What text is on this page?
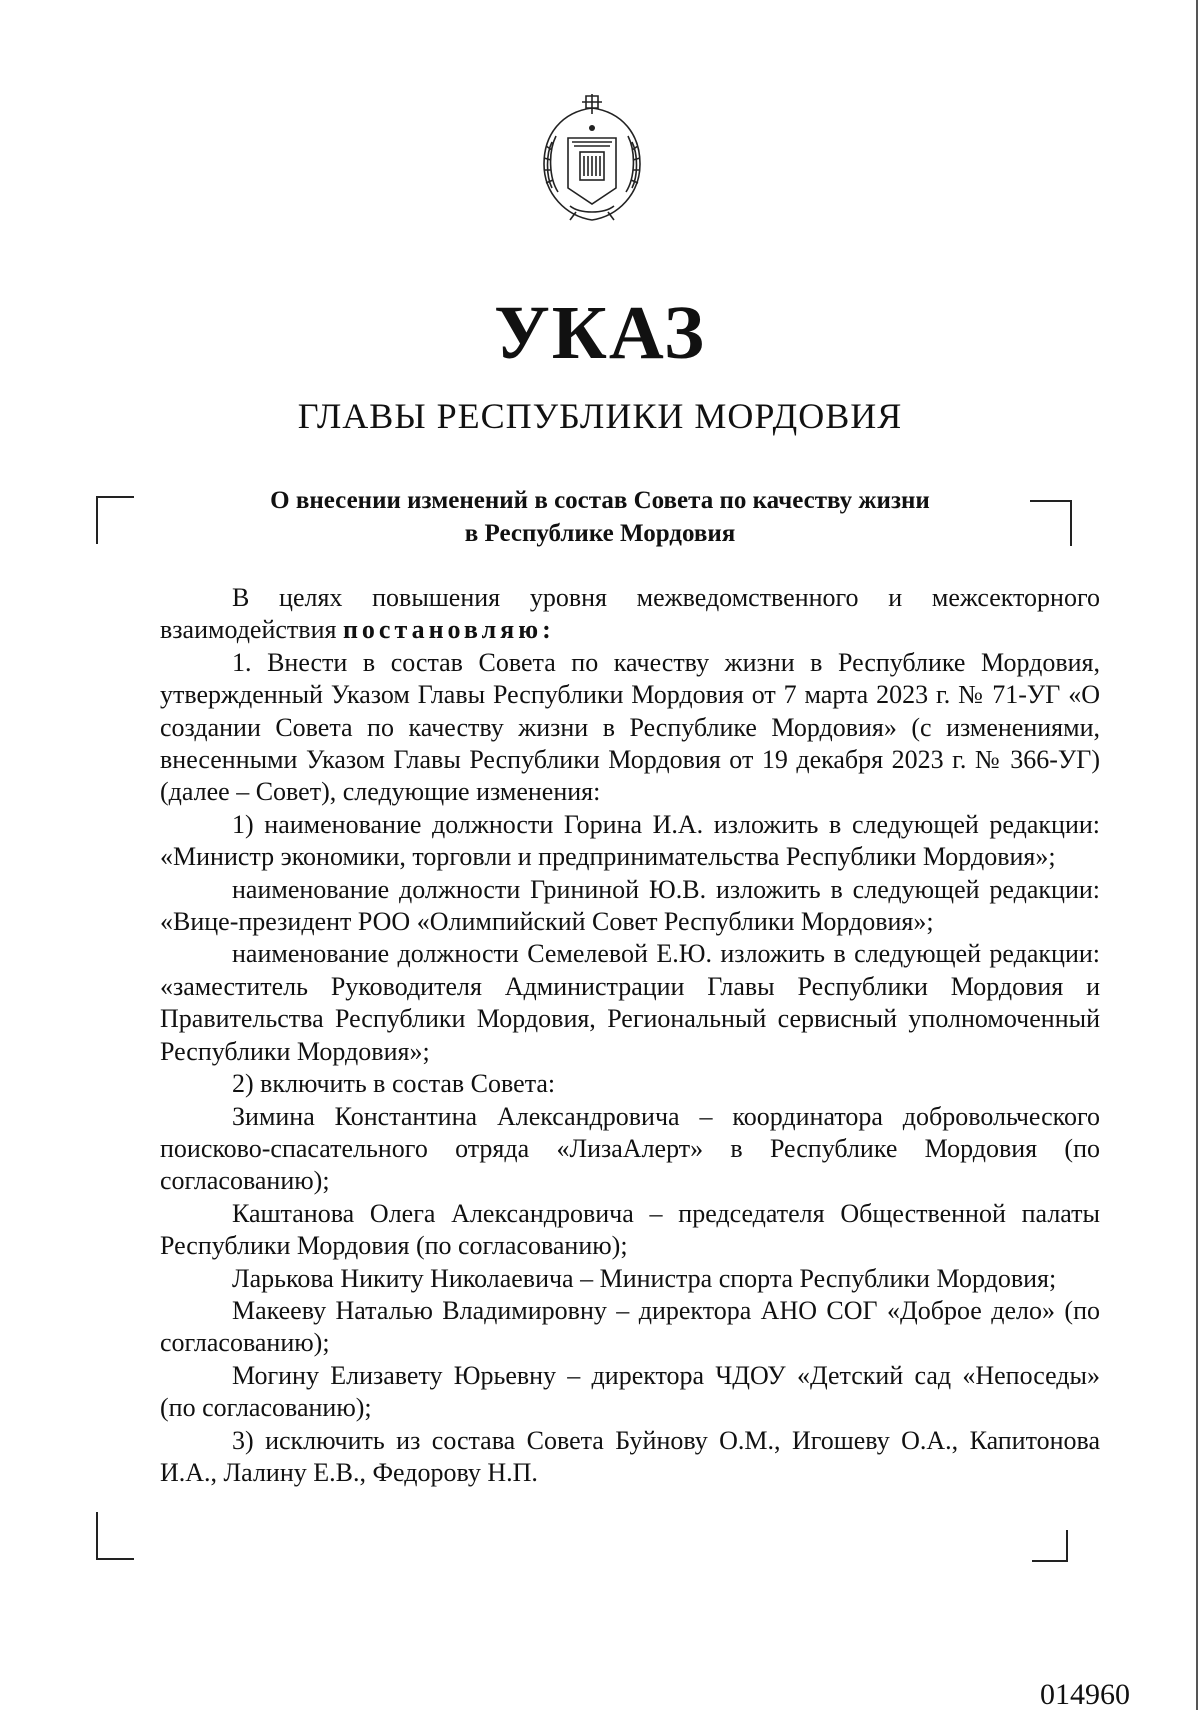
УКАЗ
ГЛАВЫ РЕСПУБЛИКИ МОРДОВИЯ
О внесении изменений в состав Совета по качеству жизни
в Республике Мордовия

В целях повышения уровня межведомственного и межсекторного взаимодействия постановляю:

1. Внести в состав Совета по качеству жизни в Республике Мордовия, утвержденный Указом Главы Республики Мордовия от 7 марта 2023 г. № 71-УГ «О создании Совета по качеству жизни в Республике Мордовия» (с изменениями, внесенными Указом Главы Республики Мордовия от 19 декабря 2023 г. № 366-УГ) (далее – Совет), следующие изменения:

1) наименование должности Горина И.А. изложить в следующей редакции: «Министр экономики, торговли и предпринимательства Республики Мордовия»;

наименование должности Грининой Ю.В. изложить в следующей редакции: «Вице-президент РОО «Олимпийский Совет Республики Мордовия»;

наименование должности Семелевой Е.Ю. изложить в следующей редакции: «заместитель Руководителя Администрации Главы Республики Мордовия и Правительства Республики Мордовия, Региональный сервисный уполномоченный Республики Мордовия»;

2) включить в состав Совета:

Зимина Константина Александровича – координатора добровольческого поисково-спасательного отряда «ЛизаАлерт» в Республике Мордовия (по согласованию);

Каштанова Олега Александровича – председателя Общественной палаты Республики Мордовия (по согласованию);

Ларькова Никиту Николаевича – Министра спорта Республики Мордовия;

Макееву Наталью Владимировну – директора АНО СОГ «Доброе дело» (по согласованию);

Могину Елизавету Юрьевну – директора ЧДОУ «Детский сад «Непоседы» (по согласованию);

3) исключить из состава Совета Буйнову О.М., Игошеву О.А., Капитонова И.А., Лалину Е.В., Федорову Н.П.

014960
